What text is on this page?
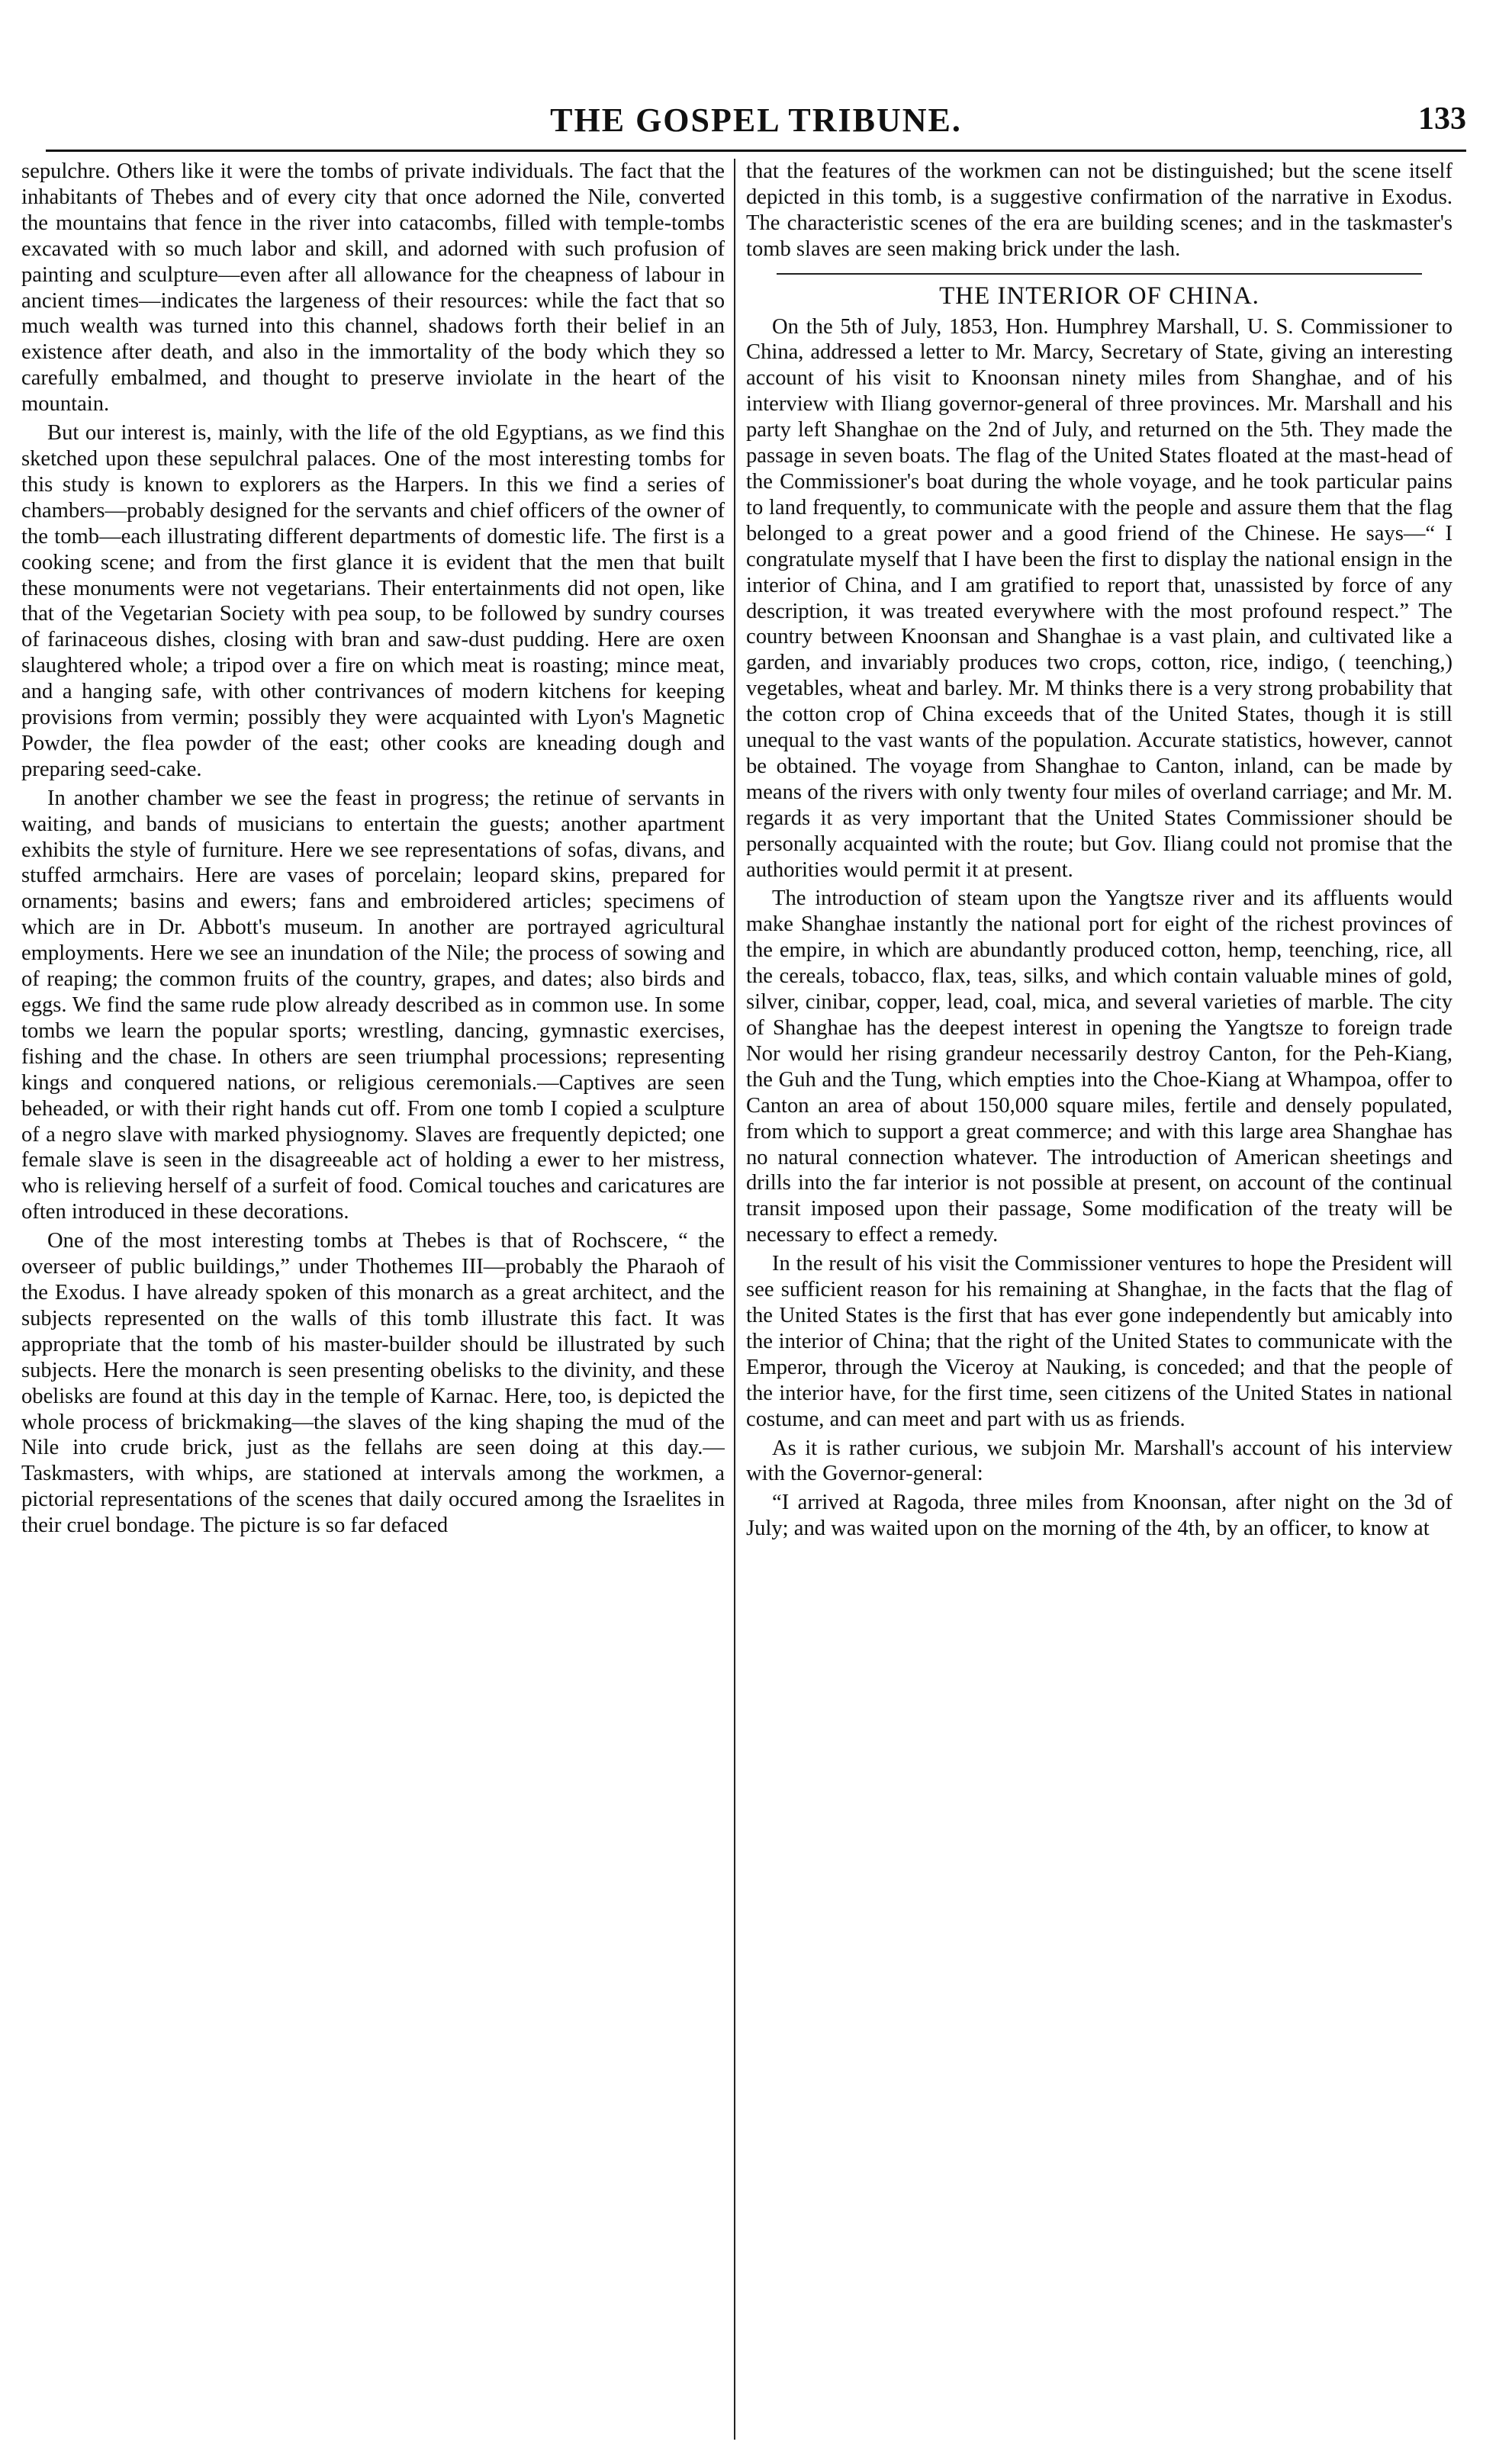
THE GOSPEL TRIBUNE.	133

sepulchre. Others like it were the tombs of private individuals. The fact that the inhabitants of Thebes and of every city that once adorned the Nile, converted the mountains that fence in the river into catacombs, filled with temple-tombs excavated with so much labor and skill, and adorned with such profusion of painting and sculpture—even after all allowance for the cheapness of labour in ancient times—indicates the largeness of their resources: while the fact that so much wealth was turned into this channel, shadows forth their belief in an existence after death, and also in the immortality of the body which they so carefully embalmed, and thought to preserve inviolate in the heart of the mountain.

But our interest is, mainly, with the life of the old Egyptians, as we find this sketched upon these sepulchral palaces. One of the most interesting tombs for this study is known to explorers as the Harpers. In this we find a series of chambers—probably designed for the servants and chief officers of the owner of the tomb—each illustrating different departments of domestic life. The first is a cooking scene; and from the first glance it is evident that the men that built these monuments were not vegetarians. Their entertainments did not open, like that of the Vegetarian Society with pea soup, to be followed by sundry courses of farinaceous dishes, closing with bran and saw-dust pudding. Here are oxen slaughtered whole; a tripod over a fire on which meat is roasting; mince meat, and a hanging safe, with other contrivances of modern kitchens for keeping provisions from vermin; possibly they were acquainted with Lyon's Magnetic Powder, the flea powder of the east; other cooks are kneading dough and preparing seed-cake.

In another chamber we see the feast in progress; the retinue of servants in waiting, and bands of musicians to entertain the guests; another apartment exhibits the style of furniture. Here we see representations of sofas, divans, and stuffed armchairs. Here are vases of porcelain; leopard skins, prepared for ornaments; basins and ewers; fans and embroidered articles; specimens of which are in Dr. Abbott's museum. In another are portrayed agricultural employments. Here we see an inundation of the Nile; the process of sowing and of reaping; the common fruits of the country, grapes, and dates; also birds and eggs. We find the same rude plow already described as in common use. In some tombs we learn the popular sports; wrestling, dancing, gymnastic exercises, fishing and the chase. In others are seen triumphal processions; representing kings and conquered nations, or religious ceremonials.—Captives are seen beheaded, or with their right hands cut off. From one tomb I copied a sculpture of a negro slave with marked physiognomy. Slaves are frequently depicted; one female slave is seen in the disagreeable act of holding a ewer to her mistress, who is relieving herself of a surfeit of food. Comical touches and caricatures are often introduced in these decorations.

One of the most interesting tombs at Thebes is that of Rochscere, “ the overseer of public buildings,” under Thothemes III—probably the Pharaoh of the Exodus. I have already spoken of this monarch as a great architect, and the subjects represented on the walls of this tomb illustrate this fact. It was appropriate that the tomb of his master-builder should be illustrated by such subjects. Here the monarch is seen presenting obelisks to the divinity, and these obelisks are found at this day in the temple of Karnac. Here, too, is depicted the whole process of brickmaking—the slaves of the king shaping the mud of the Nile into crude brick, just as the fellahs are seen doing at this day.—Taskmasters, with whips, are stationed at intervals among the workmen, a pictorial representations of the scenes that daily occured among the Israelites in their cruel bondage. The picture is so far defaced

that the features of the workmen can not be distinguished; but the scene itself depicted in this tomb, is a suggestive confirmation of the narrative in Exodus. The characteristic scenes of the era are building scenes; and in the taskmaster's tomb slaves are seen making brick under the lash.

THE INTERIOR OF CHINA.

On the 5th of July, 1853, Hon. Humphrey Marshall, U. S. Commissioner to China, addressed a letter to Mr. Marcy, Secretary of State, giving an interesting account of his visit to Knoonsan ninety miles from Shanghae, and of his interview with Iliang governor-general of three provinces. Mr. Marshall and his party left Shanghae on the 2nd of July, and returned on the 5th. They made the passage in seven boats. The flag of the United States floated at the mast-head of the Commissioner's boat during the whole voyage, and he took particular pains to land frequently, to communicate with the people and assure them that the flag belonged to a great power and a good friend of the Chinese. He says—“ I congratulate myself that I have been the first to display the national ensign in the interior of China, and I am gratified to report that, unassisted by force of any description, it was treated everywhere with the most profound respect.” The country between Knoonsan and Shanghae is a vast plain, and cultivated like a garden, and invariably produces two crops, cotton, rice, indigo, ( teenching,) vegetables, wheat and barley. Mr. M thinks there is a very strong probability that the cotton crop of China exceeds that of the United States, though it is still unequal to the vast wants of the population. Accurate statistics, however, cannot be obtained. The voyage from Shanghae to Canton, inland, can be made by means of the rivers with only twenty four miles of overland carriage; and Mr. M. regards it as very important that the United States Commissioner should be personally acquainted with the route; but Gov. Iliang could not promise that the authorities would permit it at present.

The introduction of steam upon the Yangtsze river and its affluents would make Shanghae instantly the national port for eight of the richest provinces of the empire, in which are abundantly produced cotton, hemp, teenching, rice, all the cereals, tobacco, flax, teas, silks, and which contain valuable mines of gold, silver, cinibar, copper, lead, coal, mica, and several varieties of marble. The city of Shanghae has the deepest interest in opening the Yangtsze to foreign trade Nor would her rising grandeur necessarily destroy Canton, for the Peh-Kiang, the Guh and the Tung, which empties into the Choe-Kiang at Whampoa, offer to Canton an area of about 150,000 square miles, fertile and densely populated, from which to support a great commerce; and with this large area Shanghae has no natural connection whatever. The introduction of American sheetings and drills into the far interior is not possible at present, on account of the continual transit imposed upon their passage, Some modification of the treaty will be necessary to effect a remedy.

In the result of his visit the Commissioner ventures to hope the President will see sufficient reason for his remaining at Shanghae, in the facts that the flag of the United States is the first that has ever gone independently but amicably into the interior of China; that the right of the United States to communicate with the Emperor, through the Viceroy at Nauking, is conceded; and that the people of the interior have, for the first time, seen citizens of the United States in national costume, and can meet and part with us as friends.

As it is rather curious, we subjoin Mr. Marshall's account of his interview with the Governor-general:

“I arrived at Ragoda, three miles from Knoonsan, after night on the 3d of July; and was waited upon on the morning of the 4th, by an officer, to know at
